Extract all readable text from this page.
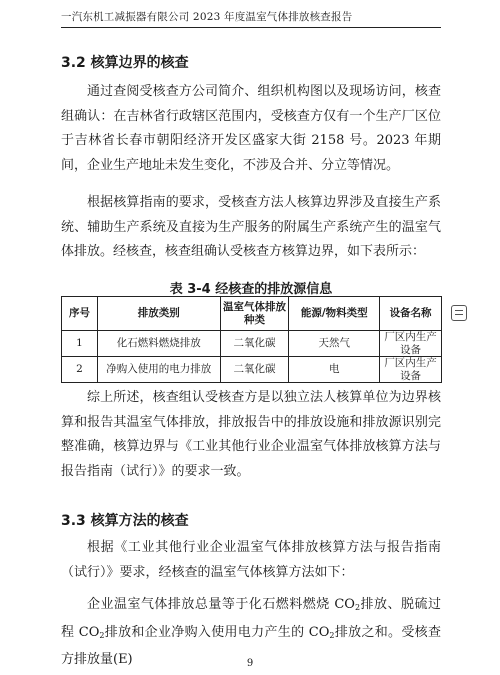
一汽东机工减振器有限公司 2023 年度温室气体排放核查报告
3.2 核算边界的核查

通过查阅受核查方公司简介、组织机构图以及现场访问，核查组确认：在吉林省行政辖区范围内，受核查方仅有一个生产厂区位于吉林省长春市朝阳经济开发区盛家大街 2158 号。2023 年期间，企业生产地址未发生变化，不涉及合并、分立等情况。

根据核算指南的要求，受核查方法人核算边界涉及直接生产系统、辅助生产系统及直接为生产服务的附属生产系统产生的温室气体排放。经核查，核查组确认受核查方核算边界，如下表所示：

表 3-4 经核查的排放源信息
序号	排放类别	温室气体排放种类	能源/物料类型	设备名称
1	化石燃料燃烧排放	二氧化碳	天然气	厂区内生产设备
2	净购入使用的电力排放	二氧化碳	电	厂区内生产设备

综上所述，核查组认受核查方是以独立法人核算单位为边界核算和报告其温室气体排放，排放报告中的排放设施和排放源识别完整准确，核算边界与《工业其他行业企业温室气体排放核算方法与报告指南（试行）》的要求一致。

3.3 核算方法的核查

根据《工业其他行业企业温室气体排放核算方法与报告指南（试行）》要求，经核查的温室气体核算方法如下：

企业温室气体排放总量等于化石燃料燃烧 $CO_2$排放、脱硫过程 $CO_2$排放和企业净购入使用电力产生的 $CO_2$排放之和。受核查方排放量(E)	9
